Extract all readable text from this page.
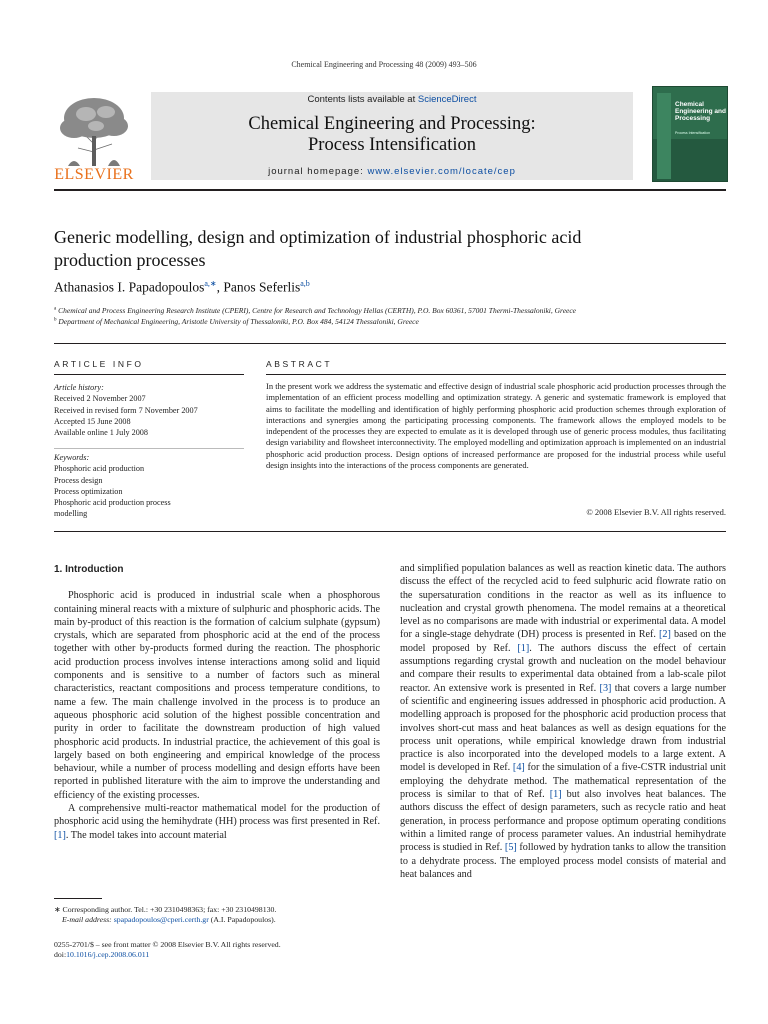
Chemical Engineering and Processing 48 (2009) 493–506
ELSEVIER
Contents lists available at ScienceDirect
Chemical Engineering and Processing:
Process Intensification
journal homepage: www.elsevier.com/locate/cep
Chemical Engineering and Processing
Process Intensification
Generic modelling, design and optimization of industrial phosphoric acid
production processes
Athanasios I. Papadopoulos$^{a,∗}$, Panos Seferlis$^{a,b}$
$^a$ Chemical and Process Engineering Research Institute (CPERI), Centre for Research and Technology Hellas (CERTH), P.O. Box 60361, 57001 Thermi-Thessaloniki, Greece
$^b$ Department of Mechanical Engineering, Aristotle University of Thessaloniki, P.O. Box 484, 54124 Thessaloniki, Greece
ARTICLE INFO	ABSTRACT
Article history:
Received 2 November 2007
Received in revised form 7 November 2007
Accepted 15 June 2008
Available online 1 July 2008
Keywords:
Phosphoric acid production
Process design
Process optimization
Phosphoric acid production process
modelling
In the present work we address the systematic and effective design of industrial scale phosphoric acid production processes through the implementation of an efficient process modelling and optimization strategy. A generic and systematic framework is employed that aims to facilitate the modelling and identification of highly performing phosphoric acid production schemes through exploration of interactions and synergies among the participating processing components. The framework allows the employed models to be independent of the processes they are expected to emulate as it is developed through use of generic process modules, thus facilitating design variability and flowsheet interconnectivity. The employed modelling and optimization approach is implemented on an industrial phosphoric acid production process. Design options of increased performance are proposed for the industrial process while useful design insights into the interactions of the process components are generated.
© 2008 Elsevier B.V. All rights reserved.
1. Introduction

Phosphoric acid is produced in industrial scale when a phosphorous containing mineral reacts with a mixture of sulphuric and phosphoric acids. The main by-product of this reaction is the formation of calcium sulphate (gypsum) crystals, which are separated from phosphoric acid at the end of the process together with other by-products formed during the reaction. The phosphoric acid production process involves intense interactions among solid and liquid components and is sensitive to a number of factors such as mineral characteristics, reactant compositions and process temperature conditions, to name a few. The main challenge involved in the process is to produce an aqueous phosphoric acid solution of the highest possible concentration and purity in order to facilitate the downstream production of high valued phosphoric acid products. In industrial practice, the achievement of this goal is largely based on both engineering and empirical knowledge of the process behaviour, while a number of process modelling and design efforts have been reported in published literature with the aim to improve the understanding and efficiency of the existing processes.

A comprehensive multi-reactor mathematical model for the production of phosphoric acid using the hemihydrate (HH) process was first presented in Ref. [1]. The model takes into account material

and simplified population balances as well as reaction kinetic data. The authors discuss the effect of the recycled acid to feed sulphuric acid flowrate ratio on the supersaturation conditions in the reactor as well as its influence to nucleation and crystal growth phenomena. The model remains at a theoretical level as no comparisons are made with industrial or experimental data. A model for a single-stage dehydrate (DH) process is presented in Ref. [2] based on the model proposed by Ref. [1]. The authors discuss the effect of certain assumptions regarding crystal growth and nucleation on the model behaviour and compare their results to experimental data obtained from a lab-scale pilot reactor. An extensive work is presented in Ref. [3] that covers a large number of scientific and engineering issues addressed in phosphoric acid production. A modelling approach is proposed for the phosphoric acid production process that involves short-cut mass and heat balances as well as design equations for the process unit operations, while empirical knowledge drawn from industrial practice is also incorporated into the developed models to a large extent. A model is developed in Ref. [4] for the simulation of a five-CSTR industrial unit employing the dehydrate method. The mathematical representation of the process is similar to that of Ref. [1] but also involves heat balances. The authors discuss the effect of design parameters, such as recycle ratio and heat generation, in process performance and propose optimum operating conditions within a limited range of process parameter values. An industrial hemihydrate process is studied in Ref. [5] followed by hydration tanks to allow the transition to a dehydrate process. The employed process model consists of material and heat balances and

∗ Corresponding author. Tel.: +30 2310498363; fax: +30 2310498130.
E-mail address: spapadopoulos@cperi.certh.gr (A.I. Papadopoulos).
0255-2701/$ – see front matter © 2008 Elsevier B.V. All rights reserved.
doi:10.1016/j.cep.2008.06.011
